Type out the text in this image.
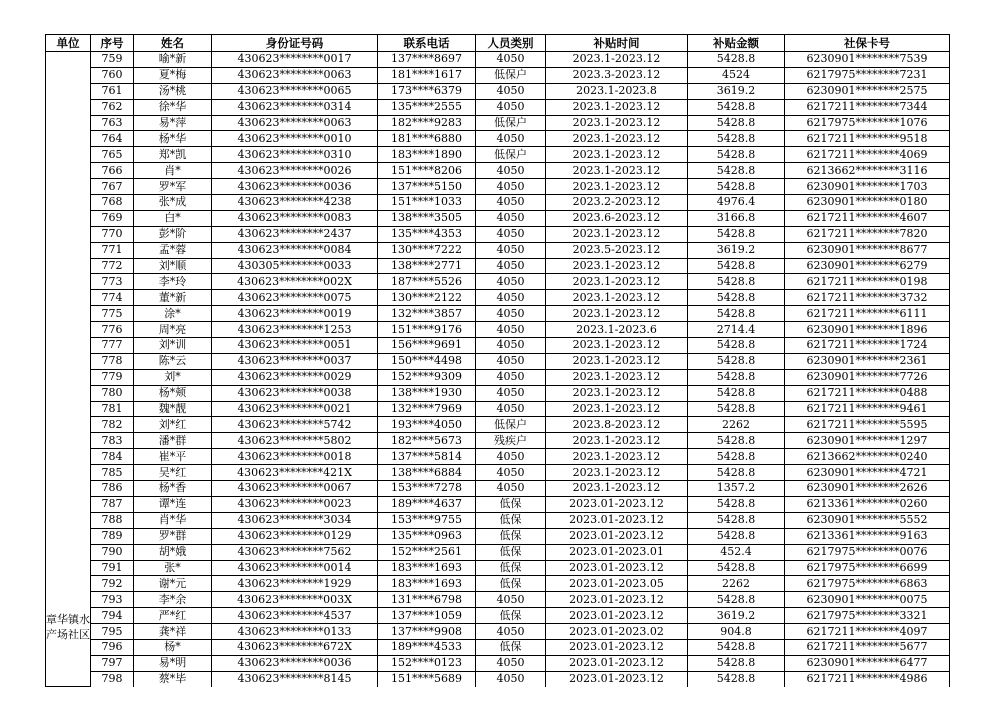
单位	序号	姓名	身份证号码	联系电话	人员类别	补贴时间	补贴金额	社保卡号
	759	喻*新	430623********0017	137****8697	4050	2023.1-2023.12	5428.8	6230901********7539
	760	夏*梅	430623********0063	181****1617	低保户	2023.3-2023.12	4524	6217975********7231
	761	汤*桃	430623********0065	173****6379	4050	2023.1-2023.8	3619.2	6230901********2575
	762	徐*华	430623********0314	135****2555	4050	2023.1-2023.12	5428.8	6217211********7344
	763	易*萍	430623********0063	182****9283	低保户	2023.1-2023.12	5428.8	6217975********1076
	764	杨*华	430623********0010	181****6880	4050	2023.1-2023.12	5428.8	6217211********9518
	765	郑*凯	430623********0310	183****1890	低保户	2023.1-2023.12	5428.8	6217211********4069
	766	肖*	430623********0026	151****8206	4050	2023.1-2023.12	5428.8	6213662********3116
	767	罗*军	430623********0036	137****5150	4050	2023.1-2023.12	5428.8	6230901********1703
	768	张*成	430623********4238	151****1033	4050	2023.2-2023.12	4976.4	6230901********0180
	769	白*	430623********0083	138****3505	4050	2023.6-2023.12	3166.8	6217211********4607
	770	彭*阶	430623********2437	135****4353	4050	2023.1-2023.12	5428.8	6217211********7820
	771	孟*蓉	430623********0084	130****7222	4050	2023.5-2023.12	3619.2	6230901********8677
	772	刘*顺	430305********0033	138****2771	4050	2023.1-2023.12	5428.8	6230901********6279
	773	李*玲	430623********002X	187****5526	4050	2023.1-2023.12	5428.8	6217211********0198
	774	董*新	430623********0075	130****2122	4050	2023.1-2023.12	5428.8	6217211********3732
	775	涂*	430623********0019	132****3857	4050	2023.1-2023.12	5428.8	6217211********6111
	776	周*亮	430623********1253	151****9176	4050	2023.1-2023.6	2714.4	6230901********1896
	777	刘*训	430623********0051	156****9691	4050	2023.1-2023.12	5428.8	6217211********1724
	778	陈*云	430623********0037	150****4498	4050	2023.1-2023.12	5428.8	6230901********2361
	779	刘*	430623********0029	152****9309	4050	2023.1-2023.12	5428.8	6230901********7726
	780	杨*颊	430623********0038	138****1930	4050	2023.1-2023.12	5428.8	6217211********0488
	781	魏*靓	430623********0021	132****7969	4050	2023.1-2023.12	5428.8	6217211********9461
	782	刘*红	430623********5742	193****4050	低保户	2023.8-2023.12	2262	6217211********5595
	783	潘*群	430623********5802	182****5673	残疾户	2023.1-2023.12	5428.8	6230901********1297
	784	崔*平	430623********0018	137****5814	4050	2023.1-2023.12	5428.8	6213662********0240
	785	吴*红	430623********421X	138****6884	4050	2023.1-2023.12	5428.8	6230901********4721
	786	杨*香	430623********0067	153****7278	4050	2023.1-2023.12	1357.2	6230901********2626
章华镇水产场社区	787	谭*连	430623********0023	189****4637	低保	2023.01-2023.12	5428.8	6213361********0260
	788	肖*华	430623********3034	153****9755	低保	2023.01-2023.12	5428.8	6230901********5552
	789	罗*群	430623********0129	135****0963	低保	2023.01-2023.12	5428.8	6213361********9163
	790	胡*娥	430623********7562	152****2561	低保	2023.01-2023.01	452.4	6217975********0076
	791	张*	430623********0014	183****1693	低保	2023.01-2023.12	5428.8	6217975********6699
	792	谢*元	430623********1929	183****1693	低保	2023.01-2023.05	2262	6217975********6863
	793	李*余	430623********003X	131****6798	4050	2023.01-2023.12	5428.8	6230901********0075
	794	严*红	430623********4537	137****1059	低保	2023.01-2023.12	3619.2	6217975********3321
	795	龚*祥	430623********0133	137****9908	4050	2023.01-2023.02	904.8	6217211********4097
	796	杨*	430623********672X	189****4533	低保	2023.01-2023.12	5428.8	6217211********5677
	797	易*明	430623********0036	152****0123	4050	2023.01-2023.12	5428.8	6230901********6477
	798	蔡*毕	430623********8145	151****5689	4050	2023.01-2023.12	5428.8	6217211********4986
